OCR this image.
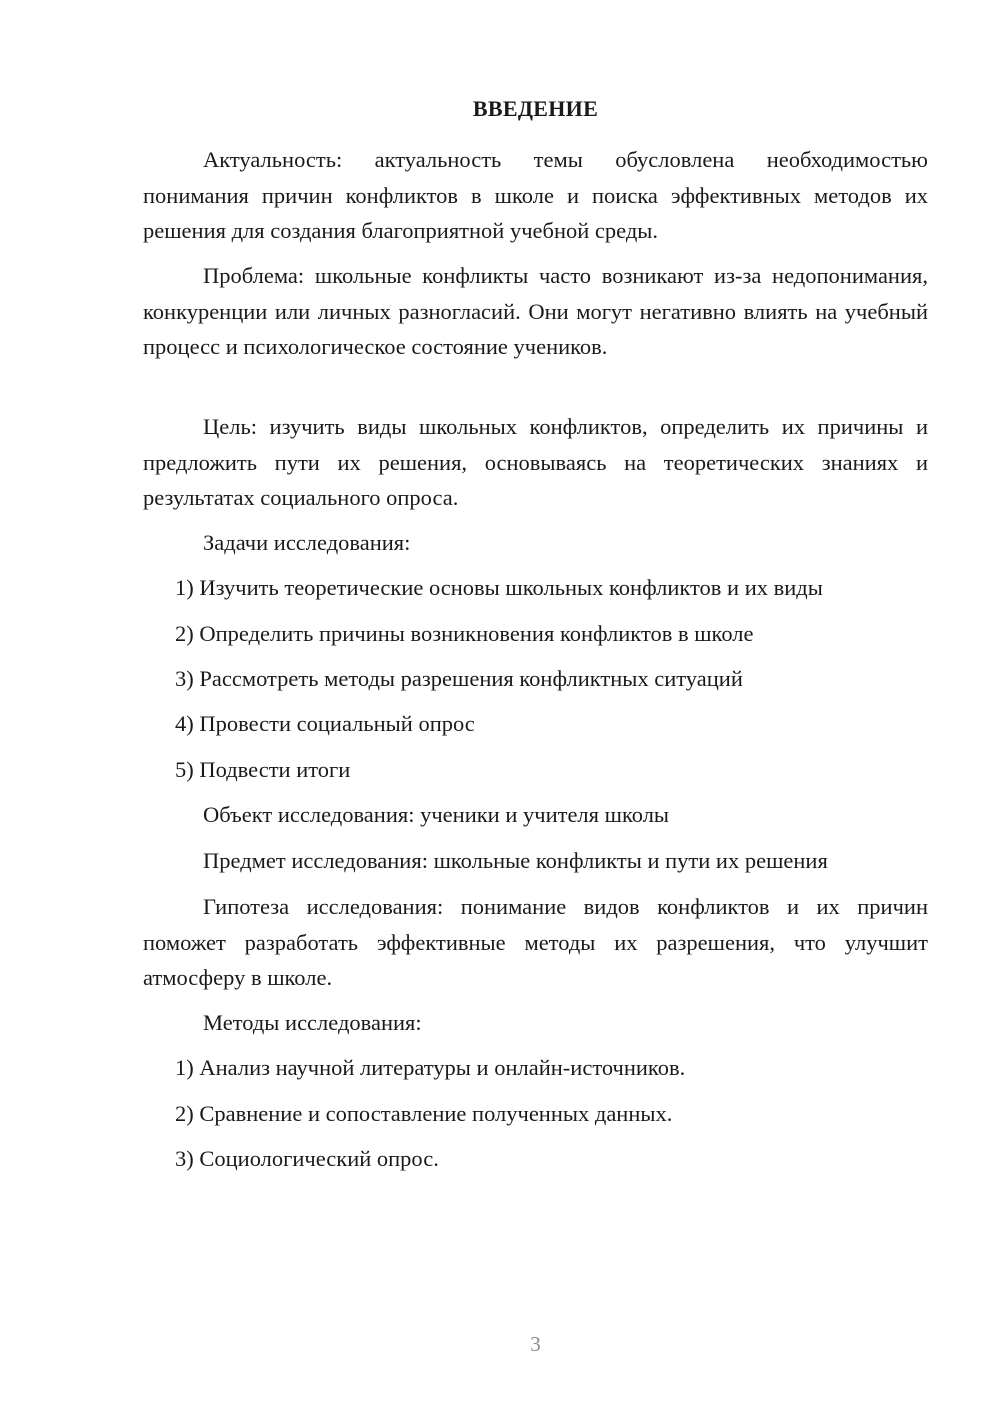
ВВЕДЕНИЕ

Актуальность: актуальность темы обусловлена необходимостью понимания причин конфликтов в школе и поиска эффективных методов их решения для создания благоприятной учебной среды.

Проблема: школьные конфликты часто возникают из-за недопонимания, конкуренции или личных разногласий. Они могут негативно влиять на учебный процесс и психологическое состояние учеников.

Цель: изучить виды школьных конфликтов, определить их причины и предложить пути их решения, основываясь на теоретических знаниях и результатах социального опроса.

Задачи исследования:

1) Изучить теоретические основы школьных конфликтов и их виды

2) Определить причины возникновения конфликтов в школе

3) Рассмотреть методы разрешения конфликтных ситуаций

4) Провести социальный опрос

5) Подвести итоги

Объект исследования: ученики и учителя школы

Предмет исследования: школьные конфликты и пути их решения

Гипотеза исследования: понимание видов конфликтов и их причин поможет разработать эффективные методы их разрешения, что улучшит атмосферу в школе.

Методы исследования:

1) Анализ научной литературы и онлайн-источников.

2) Сравнение и сопоставление полученных данных.

3) Социологический опрос.

3
